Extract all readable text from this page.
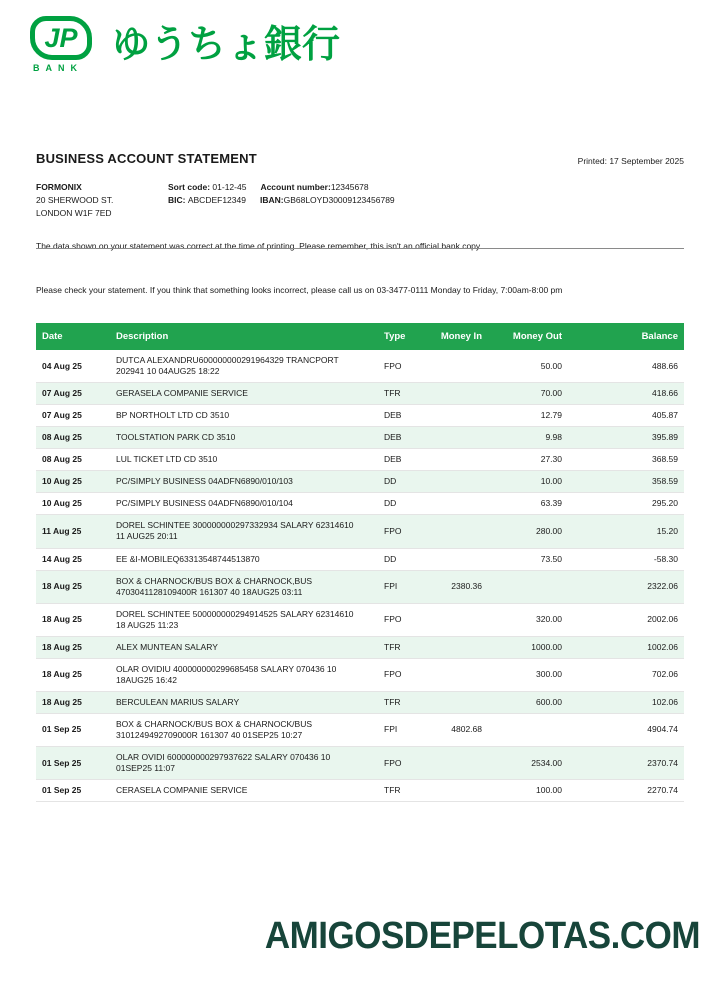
JP
BANK
ゆうちょ銀行
BUSINESS ACCOUNT STATEMENT	Printed: 17 September 2025
FORMONIX
20 SHERWOOD ST.
LONDON W1F 7ED
Sort code: 01-12-45 Account number:12345678
BIC: ABCDEF12349 IBAN:GB68LOYD30009123456789

The data shown on your statement was correct at the time of printing. Please remember, this isn't an official bank copy.

Please check your statement. If you think that something looks incorrect, please call us on 03-3477-0111 Monday to Friday, 7:00am-8:00 pm

Date	Description	Type	Money In	Money Out	Balance
04 Aug 25	DUTCA ALEXANDRU600000000291964329 TRANCPORT 202941 10 04AUG25 18:22	FPO		50.00	488.66
07 Aug 25	GERASELA COMPANIE SERVICE	TFR		70.00	418.66
07 Aug 25	BP NORTHOLT LTD CD 3510	DEB		12.79	405.87
08 Aug 25	TOOLSTATION PARK CD 3510	DEB		9.98	395.89
08 Aug 25	LUL TICKET LTD CD 3510	DEB		27.30	368.59
10 Aug 25	PC/SIMPLY BUSINESS 04ADFN6890/010/103	DD		10.00	358.59
10 Aug 25	PC/SIMPLY BUSINESS 04ADFN6890/010/104	DD		63.39	295.20
11 Aug 25	DOREL SCHINTEE 300000000297332934 SALARY 62314610 11 AUG25 20:11	FPO		280.00	15.20
14 Aug 25	EE &I-MOBILEQ63313548744513870	DD		73.50	-58.30
18 Aug 25	BOX & CHARNOCK/BUS BOX & CHARNOCK,BUS 4703041128109400R 161307 40 18AUG25 03:11	FPI	2380.36		2322.06
18 Aug 25	DOREL SCHINTEE 500000000294914525 SALARY 62314610 18 AUG25 11:23	FPO		320.00	2002.06
18 Aug 25	ALEX MUNTEAN SALARY	TFR		1000.00	1002.06
18 Aug 25	OLAR OVIDIU 400000000299685458 SALARY 070436 10 18AUG25 16:42	FPO		300.00	702.06
18 Aug 25	BERCULEAN MARIUS SALARY	TFR		600.00	102.06
01 Sep 25	BOX & CHARNOCK/BUS BOX & CHARNOCK/BUS 3101249492709000R 161307 40 01SEP25 10:27	FPI	4802.68		4904.74
01 Sep 25	OLAR OVIDI 600000000297937622 SALARY 070436 10 01SEP25 11:07	FPO		2534.00	2370.74
01 Sep 25	CERASELA COMPANIE SERVICE	TFR		100.00	2270.74
AMIGOSDEPELOTAS.COM
